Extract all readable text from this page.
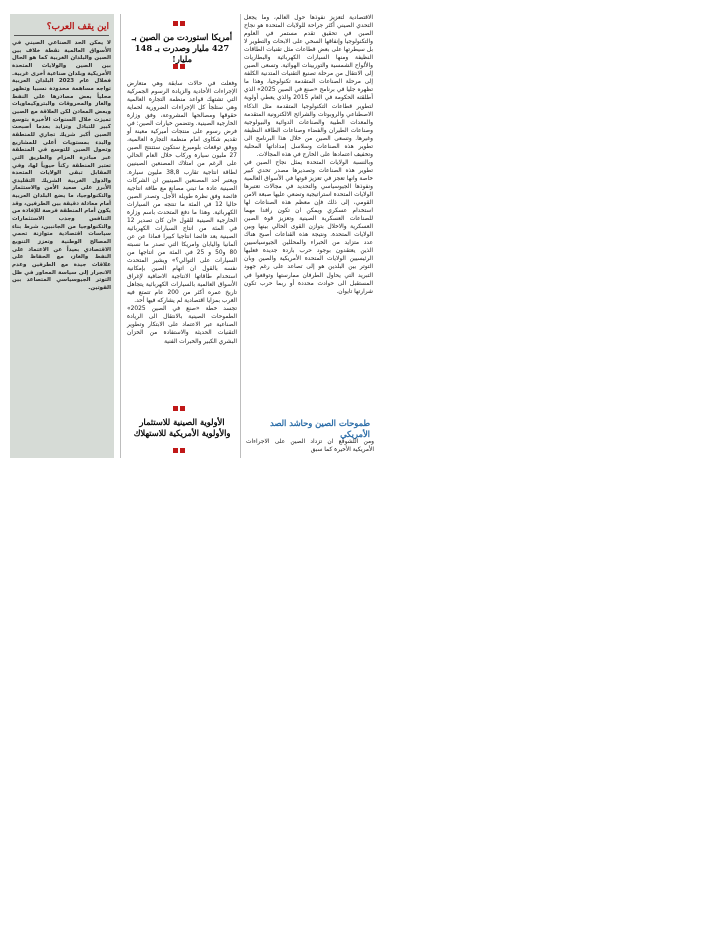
الاقتصادية لتعزيز نفوذها حول العالم، وما يجعل التحدي الصيني أكثر جراحة للولايات المتحدة هو نجاح الصين في تحقيق تقدم مستمر في العلوم والتكنولوجيا وإنفاقها السخي على الابحاث والتطوير لا بل سيطرتها على بعض قطاعات مثل تقنيات الطاقات النظيفة ومنها السيارات الكهربائية والبطاريات والألواح الشمسية والتوربينات الهوائية. وتسعى الصين إلى الانتقال من مرحلة تصنيع التقنيات المتدنية الكلفة إلى مرحلة الصناعات المتقدمة تكنولوجيا، وهذا ما تظهره جليا في برنامج «صنع في الصين 2025» الذي أطلقته الحكومة في العام 2015 والذي يعطي أولوية لتطوير قطاعات التكنولوجيا المتقدمة مثل الذكاء الاصطناعي والروبوتات والشرائح الالكترونية المتقدمة والمعدات الطبية والصناعات الدوائية والبيولوجية وصناعات الطيران والفضاء وصناعات الطاقة النظيفة وغيرها. وتسعى الصين من خلال هذا البرنامج الى تطوير هذه الصناعات وسلاسل إمداداتها المحلية وتخفيف اعتمادها على الخارج في هذه المجالات.

وبالنسبة الولايات المتحدة يمثل نجاح الصين في تطوير هذه الصناعات وتصديرها مصدر تحدي كبير خاصة وانها تعجز في تعزيز قوتها في الأسواق العالمية ونفوذها الجيوسياسي والتحديد في مجالات تعتبرها الولايات المتحدة استراتيجية وتضعي عليها صبغة الامن القومي، إلى ذلك فإن معظم هذه الصناعات لها استخدام عسكري ويمكن ان تكون رافدا مهما للصناعات العسكرية الصينية وتعزيز قوة الصين العسكرية والاخلال بتوازن القوى الحالي بينها وبين الولايات المتحدة. ونتيجة هذه القناعات أصبح هناك عدد متزايد من الخبراء والمحللين الجيوسياسيين الذين يعتقدون بوجود حرب باردة جديدة فعليها الرئيسيين الولايات المتحدة الأمريكية والصين وبان التوتر بين البلدين هو إلى تصاعد على رغم جهود التبريد التي يحاول الطرفان ممارستها وتوقعوا في المستقبل الى حوادث محددة أو ربما حرب تكون شرارتها تايوان.

طموحات الصين وحاشد الصد الأمريكي
ومن اللشوقع ان تزداد الصين على الاجراءات الأمريكية الأخيرة كما سبق
أمريكا استوردت من الصين بـ 427 مليار وصدرت بـ 148 مليار!

وفعلت في حالات سابقة وهي متعارض الإجراءات الأحادية والزيادة الرسوم الجمركية التي تشتهك قواعد منظمة التجارة العالمية وهي ستلجأ كل الإجراءات الضرورية لحماية حقوقها ومصالحها المشروعة، وفق وزارة الخارجية الصينية. وتتضمن خيارات الصين: في فرض رسوم على منتجات أميركية معينة أو تقديم شكاوى امام منظمة التجارة العالمية، ووفق توقعات بلومبرغ ستكون ستتنتج الصين 27 مليون سيارة وركاب خلال العام الحالي على الرغم من امتلاك المصنعين الصينيين لطاقة انتاجية تقارب 38,8 مليون سيارة. ويعتبر أحد المصنعين الصينيين ان الشركات الصينية عادة ما تبني مصانع مع طاقة انتاجية فائضة وفق نظرة طويلة الأجل. وتصدر الصين حاليا 12 في المئة ما تنتجه من السيارات الكهربائية. وهذا ما دفع المتحدث باسم وزارة الخارجية الصينية للقول «ان كان تصدير 12 في المئة من انتاج السيارات الكهربائية الصينية يعد فائضا انتاجيا كبيرا فماذا عن عن ألمانيا واليابان وامريكا التي تصدر ما نسبته 80 و50 و 25 في المئة من انتاجها من السيارات على التوالي؟» ويشير المتحدث نفسه بالقول ان اتهام الصين بإمكانية استخدام طاقاتها الانتاجية الاضافية لإغراق الأسواق العالمية بالسيارات الكهربائية يتجاهل تاريخ عمره أكثر من 200 عام تتمتع فيه الغرب بمزايا اقتصادية لم يشاركه فيها أحد.

تجسد خطة «صنع في الصين 2025» الطموحات الصينية بالانتقال الى الريادة الصناعية عبر الاعتماد على الابتكار وتطوير التقنيات الحديثة والاستفادة من الخزان البشري الكبير والخبرات الفنية

الأولوية الصينية للاستثمار والأولوية الأمريكية للاستهلاك
اين يقف العرب؟
لا يمكن الحد الصناعي الصيني في الأسواق العالمية نقطة خلاف بين الصين والبلدان الغربية كما هو الحال بين الصين والولايات المتحدة الأمريكية وبلدان صناعية أخرى غربية. فخلال عام 2023 البلدان العربية تواجه مساهمة محدودة نسبيا وتظهر محلياً بعض مصادرها على النفط والغاز والمحروقات والبتروكيماويات وبعض المعادن لكن العلاقة مع الصين تميزت خلال السنوات الأخيرة بتوسع كبير للتبادل وتزايد بعدما أصبحت الصين أكبر شريك تجاري للمنطقة والبدء بمستويات أعلى للمشاريع وتحول الصين للتوسع في المنطقة عبر مبادرة الحزام والطريق التي تعتبر المنطقة ركناً حيوياً لها، وفي المقابل تبقى الولايات المتحدة والدول الغربية الشريك التقليدي الأبرز على صعيد الأمن والاستثمار والتكنولوجيا، ما يضع البلدان العربية أمام معادلة دقيقة بين الطرفين، وقد يكون أمام المنطقة فرصة للإفادة من التنافس وجذب الاستثمارات والتكنولوجيا من الجانبين، شرط بناء سياسات اقتصادية متوازنة تحمي المصالح الوطنية وتعزز التنويع الاقتصادي بعيداً عن الاعتماد على النفط والغاز، مع الحفاظ على علاقات جيدة مع الطرفين وعدم الانجرار إلى سياسة المحاور في ظل التوتر الجيوسياسي المتصاعد بين القوتين.
